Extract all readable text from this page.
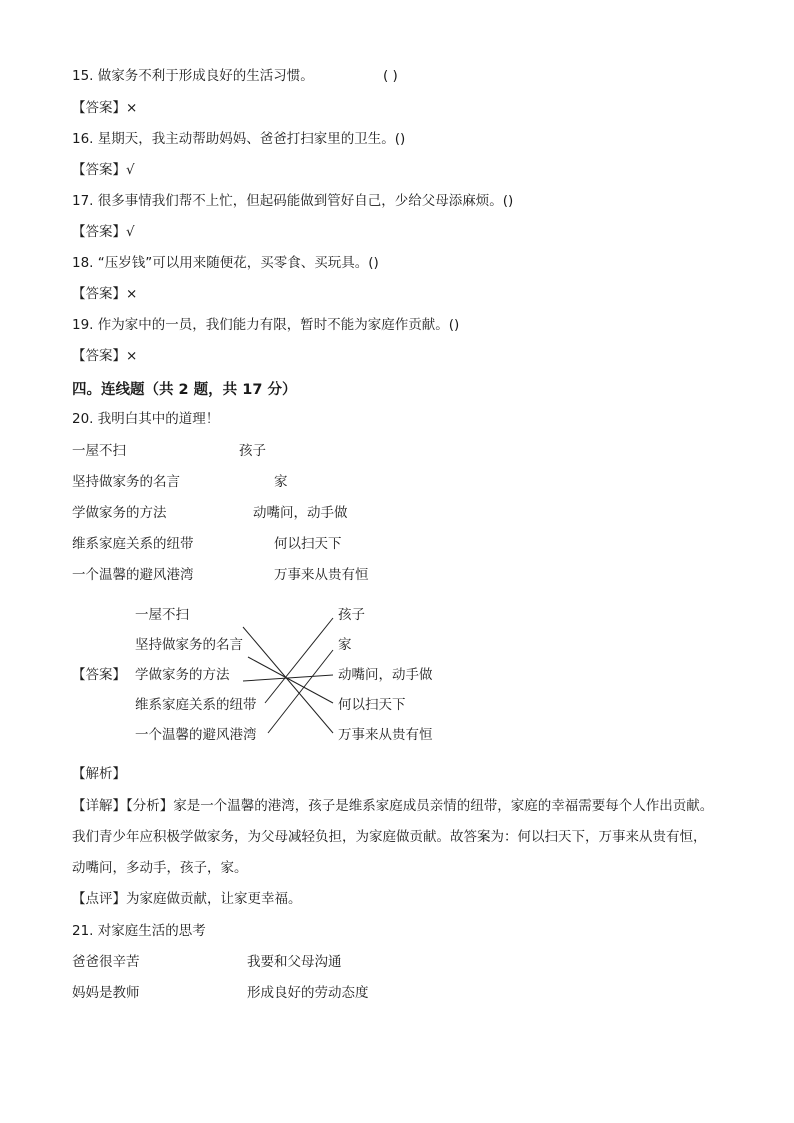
15. 做家务不利于形成良好的生活习惯。	( )
【答案】×
16. 星期天，我主动帮助妈妈、爸爸打扫家里的卫生。()
【答案】√
17. 很多事情我们帮不上忙，但起码能做到管好自己，少给父母添麻烦。()
【答案】√
18. “压岁钱”可以用来随便花，买零食、买玩具。()
【答案】×
19. 作为家中的一员，我们能力有限，暂时不能为家庭作贡献。()
【答案】×
四。连线题（共 2 题，共 17 分）
20. 我明白其中的道理！
一屋不扫	孩子
坚持做家务的名言	家
学做家务的方法	动嘴问，动手做
维系家庭关系的纽带	何以扫天下
一个温馨的避风港湾	万事来从贵有恒
【答案】
一屋不扫
坚持做家务的名言
学做家务的方法
维系家庭关系的纽带
一个温馨的避风港湾
孩子
家
动嘴问，动手做
何以扫天下
万事来从贵有恒
【解析】
【详解】【分析】家是一个温馨的港湾，孩子是维系家庭成员亲情的纽带，家庭的幸福需要每个人作出贡献。
我们青少年应积极学做家务，为父母减轻负担，为家庭做贡献。故答案为：何以扫天下，万事来从贵有恒，
动嘴问，多动手，孩子，家。
【点评】为家庭做贡献，让家更幸福。
21. 对家庭生活的思考
爸爸很辛苦	我要和父母沟通
妈妈是教师	形成良好的劳动态度
